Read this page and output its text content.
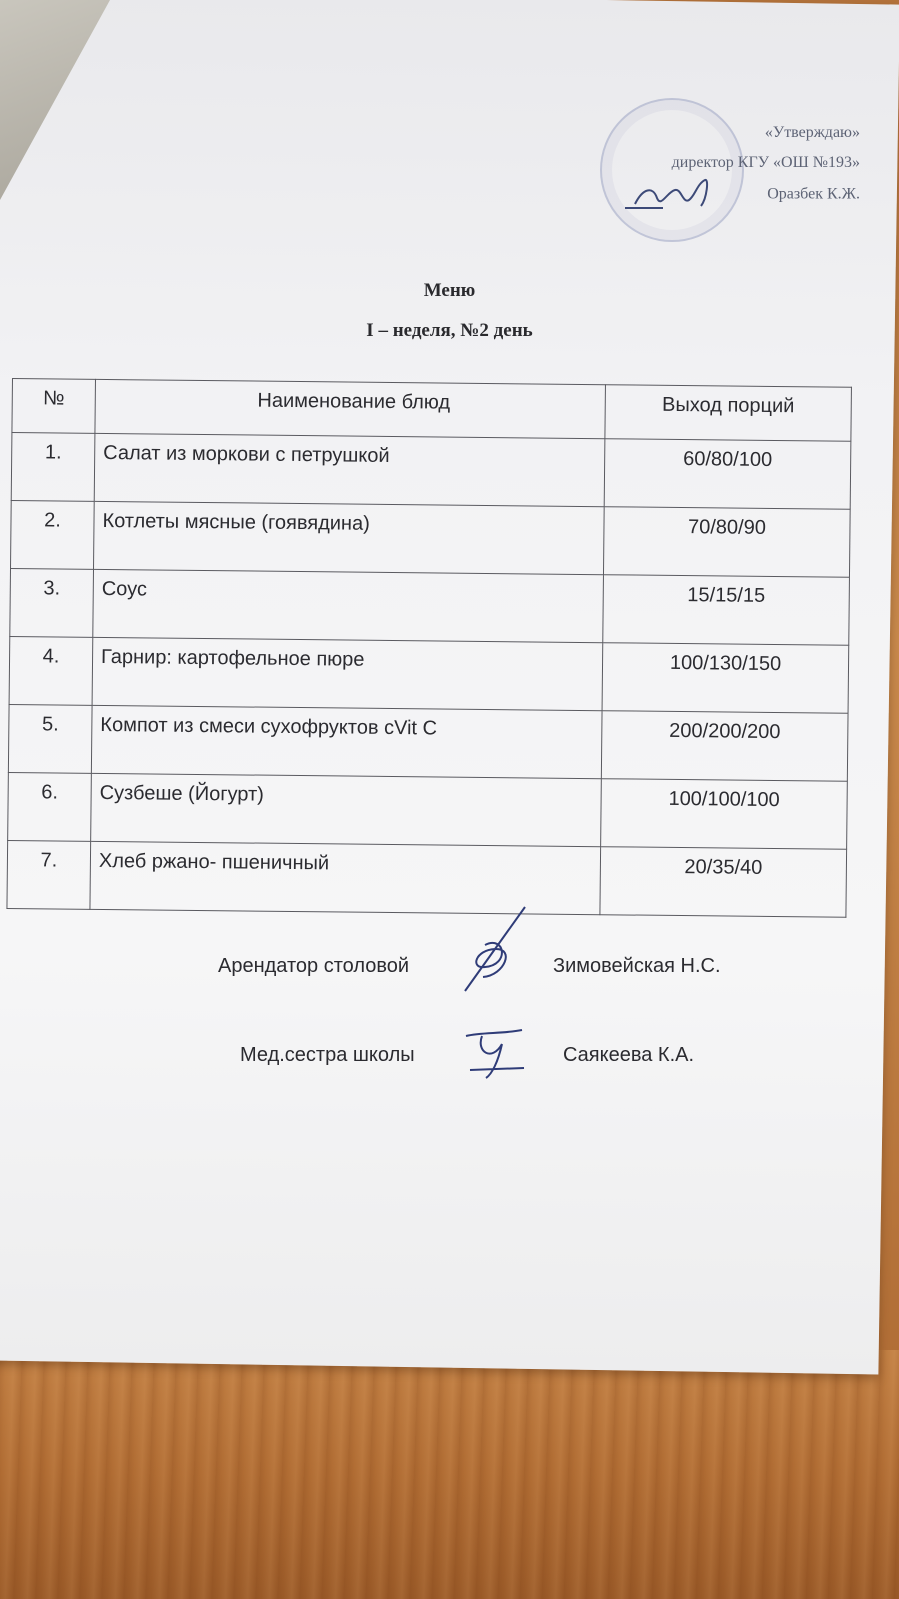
«Утверждаю»
директор КГУ «ОШ №193»
Оразбек К.Ж.
Меню
I – неделя, №2 день
№	Наименование блюд	Выход порций
1.	Салат из моркови с петрушкой	60/80/100
2.	Котлеты мясные (гоявядина)	70/80/90
3.	Соус	15/15/15
4.	Гарнир: картофельное пюре	100/130/150
5.	Компот из смеси сухофруктов сVit C	200/200/200
6.	Сузбеше (Йогурт)	100/100/100
7.	Хлеб ржано- пшеничный	20/35/40
Арендатор столовой	Зимовейская Н.С.
Мед.сестра школы	Саякеева К.А.
